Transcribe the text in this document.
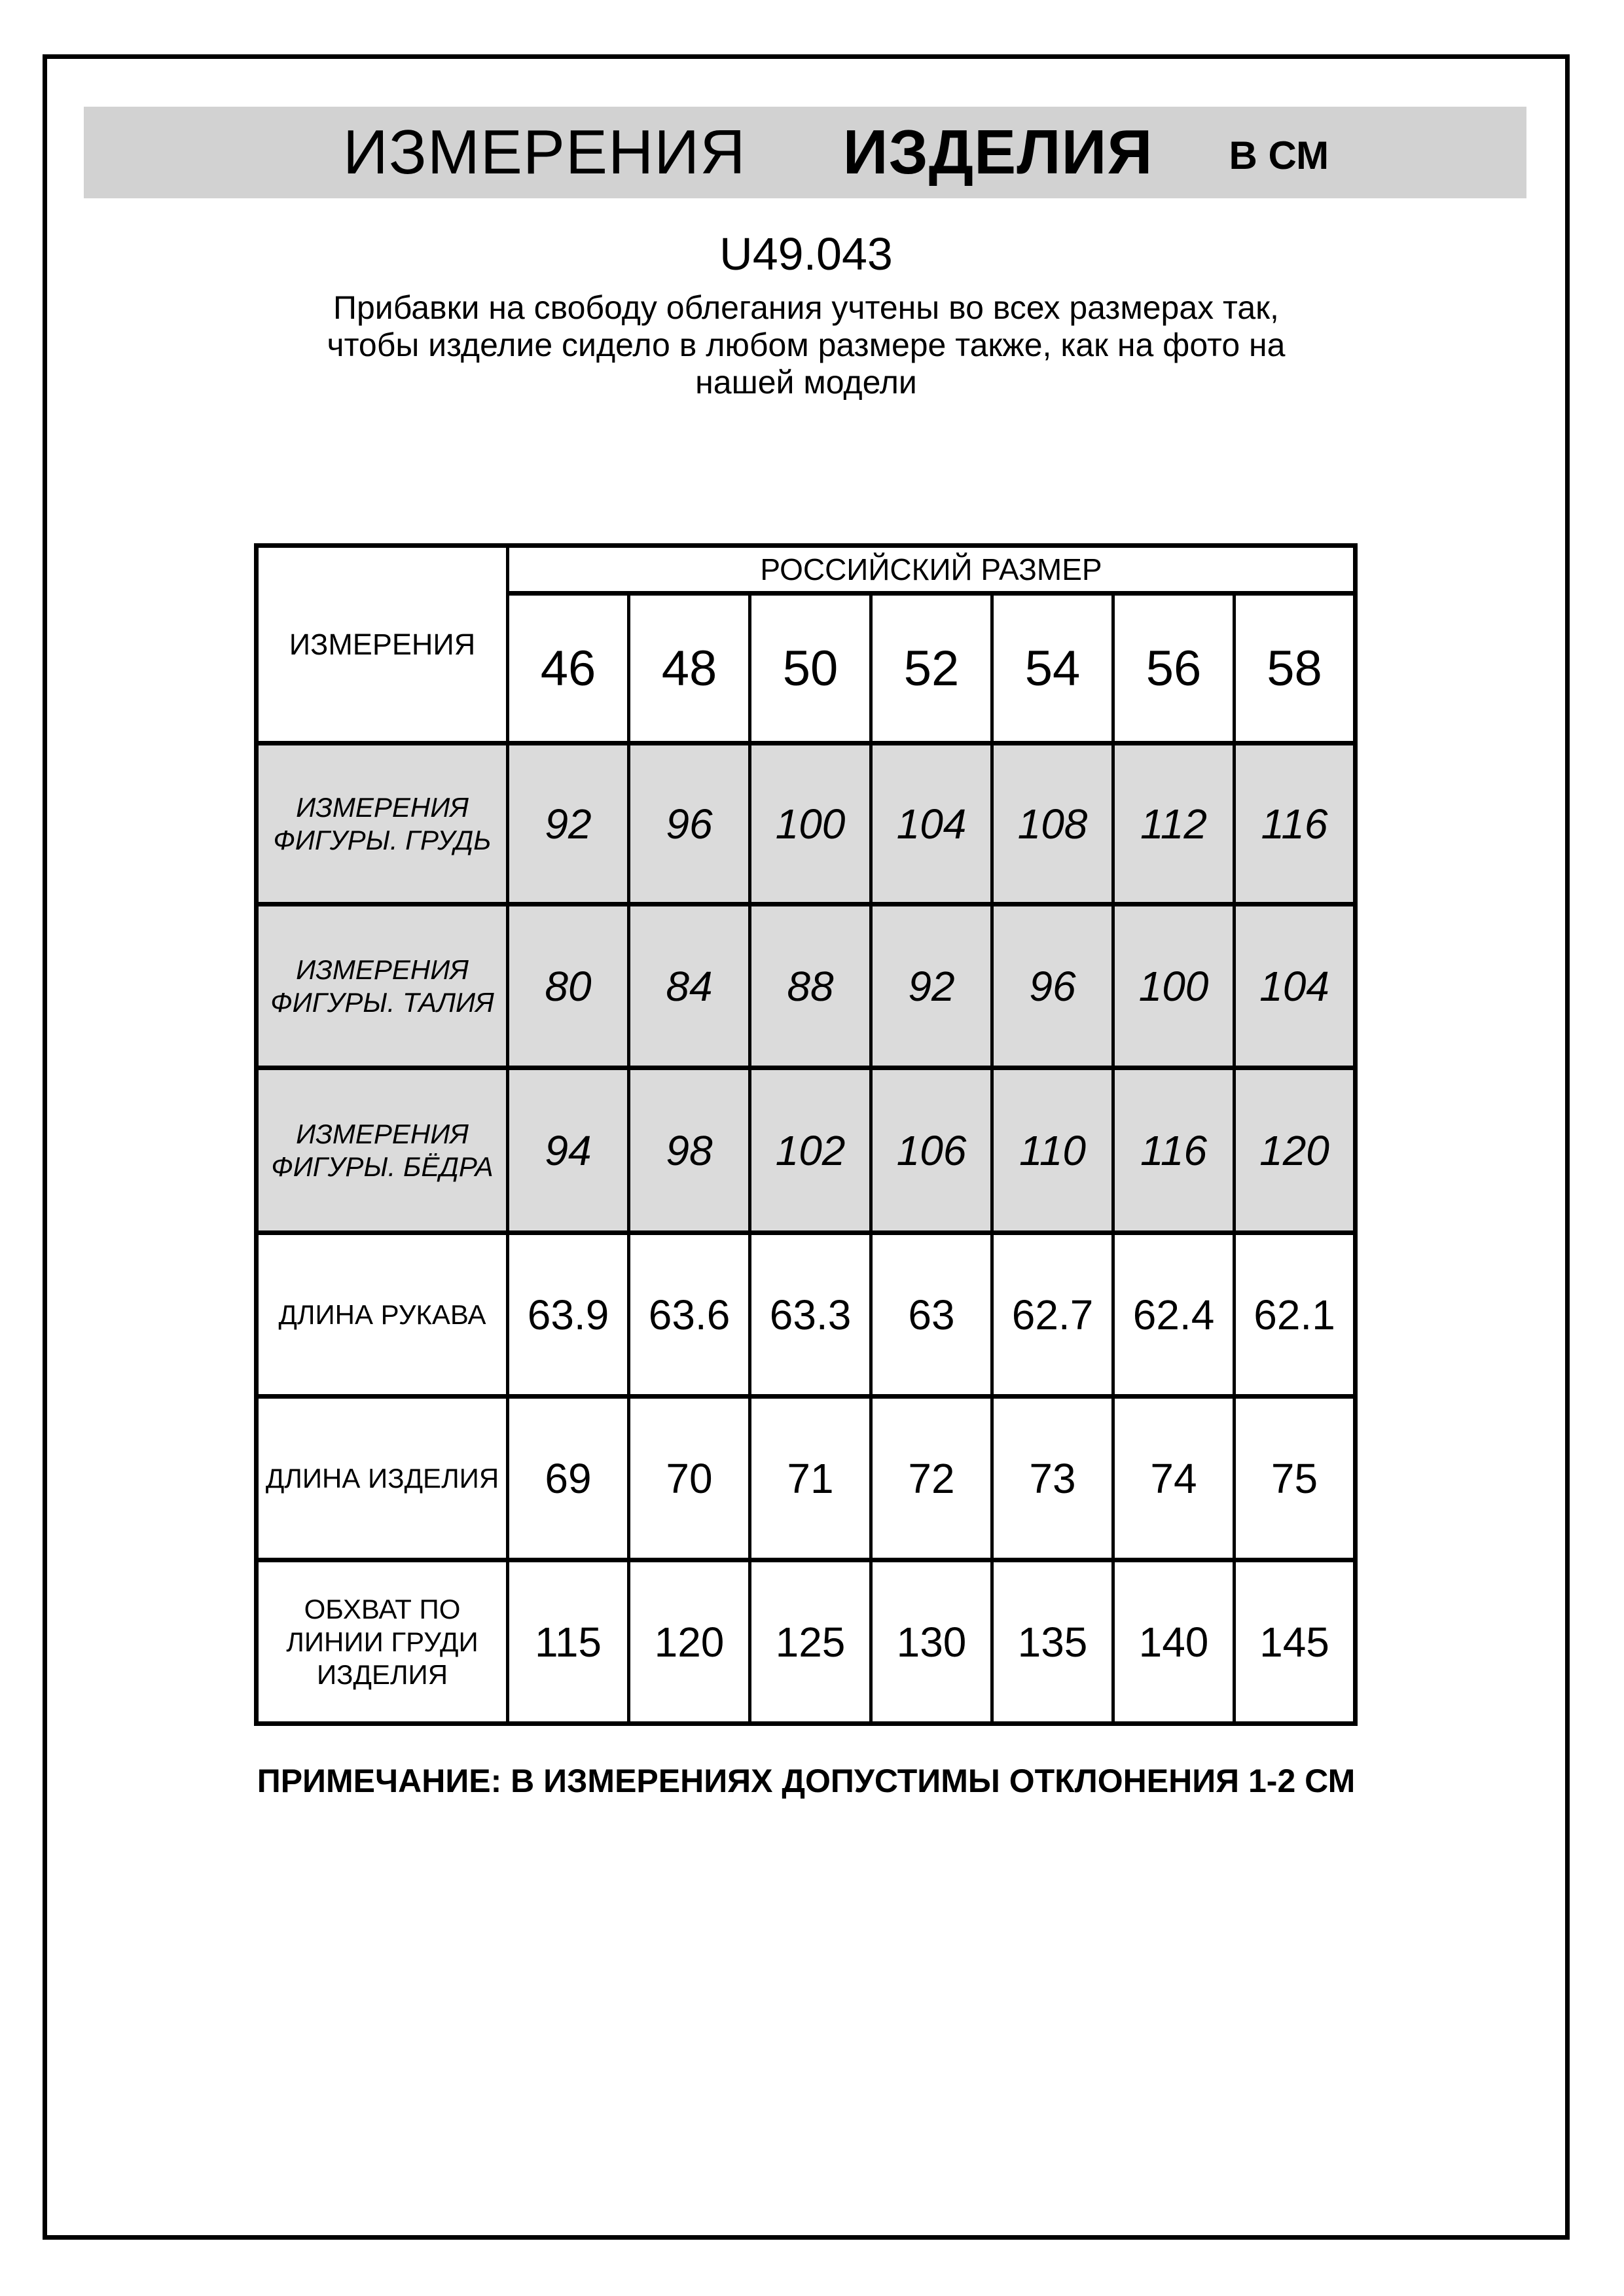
ИЗМЕРЕНИЯ ИЗДЕЛИЯ В СМ
U49.043
Прибавки на свободу облегания учтены во всех размерах так,
чтобы изделие сидело в любом размере также, как на фото на
нашей модели
ИЗМЕРЕНИЯ	РОССИЙСКИЙ РАЗМЕР						
	46	48	50	52	54	56	58

ИЗМЕРЕНИЯ
ФИГУРЫ. ГРУДЬ	92	96	100	104	108	112	116

ИЗМЕРЕНИЯ
ФИГУРЫ. ТАЛИЯ	80	84	88	92	96	100	104

ИЗМЕРЕНИЯ
ФИГУРЫ. БЁДРА	94	98	102	106	110	116	120

ДЛИНА РУКАВА	63.9	63.6	63.3	63	62.7	62.4	62.1

ДЛИНА ИЗДЕЛИЯ	69	70	71	72	73	74	75

ОБХВАТ ПО
ЛИНИИ ГРУДИ
ИЗДЕЛИЯ	115	120	125	130	135	140	145
ПРИМЕЧАНИЕ: В ИЗМЕРЕНИЯХ ДОПУСТИМЫ ОТКЛОНЕНИЯ 1-2 СМ
